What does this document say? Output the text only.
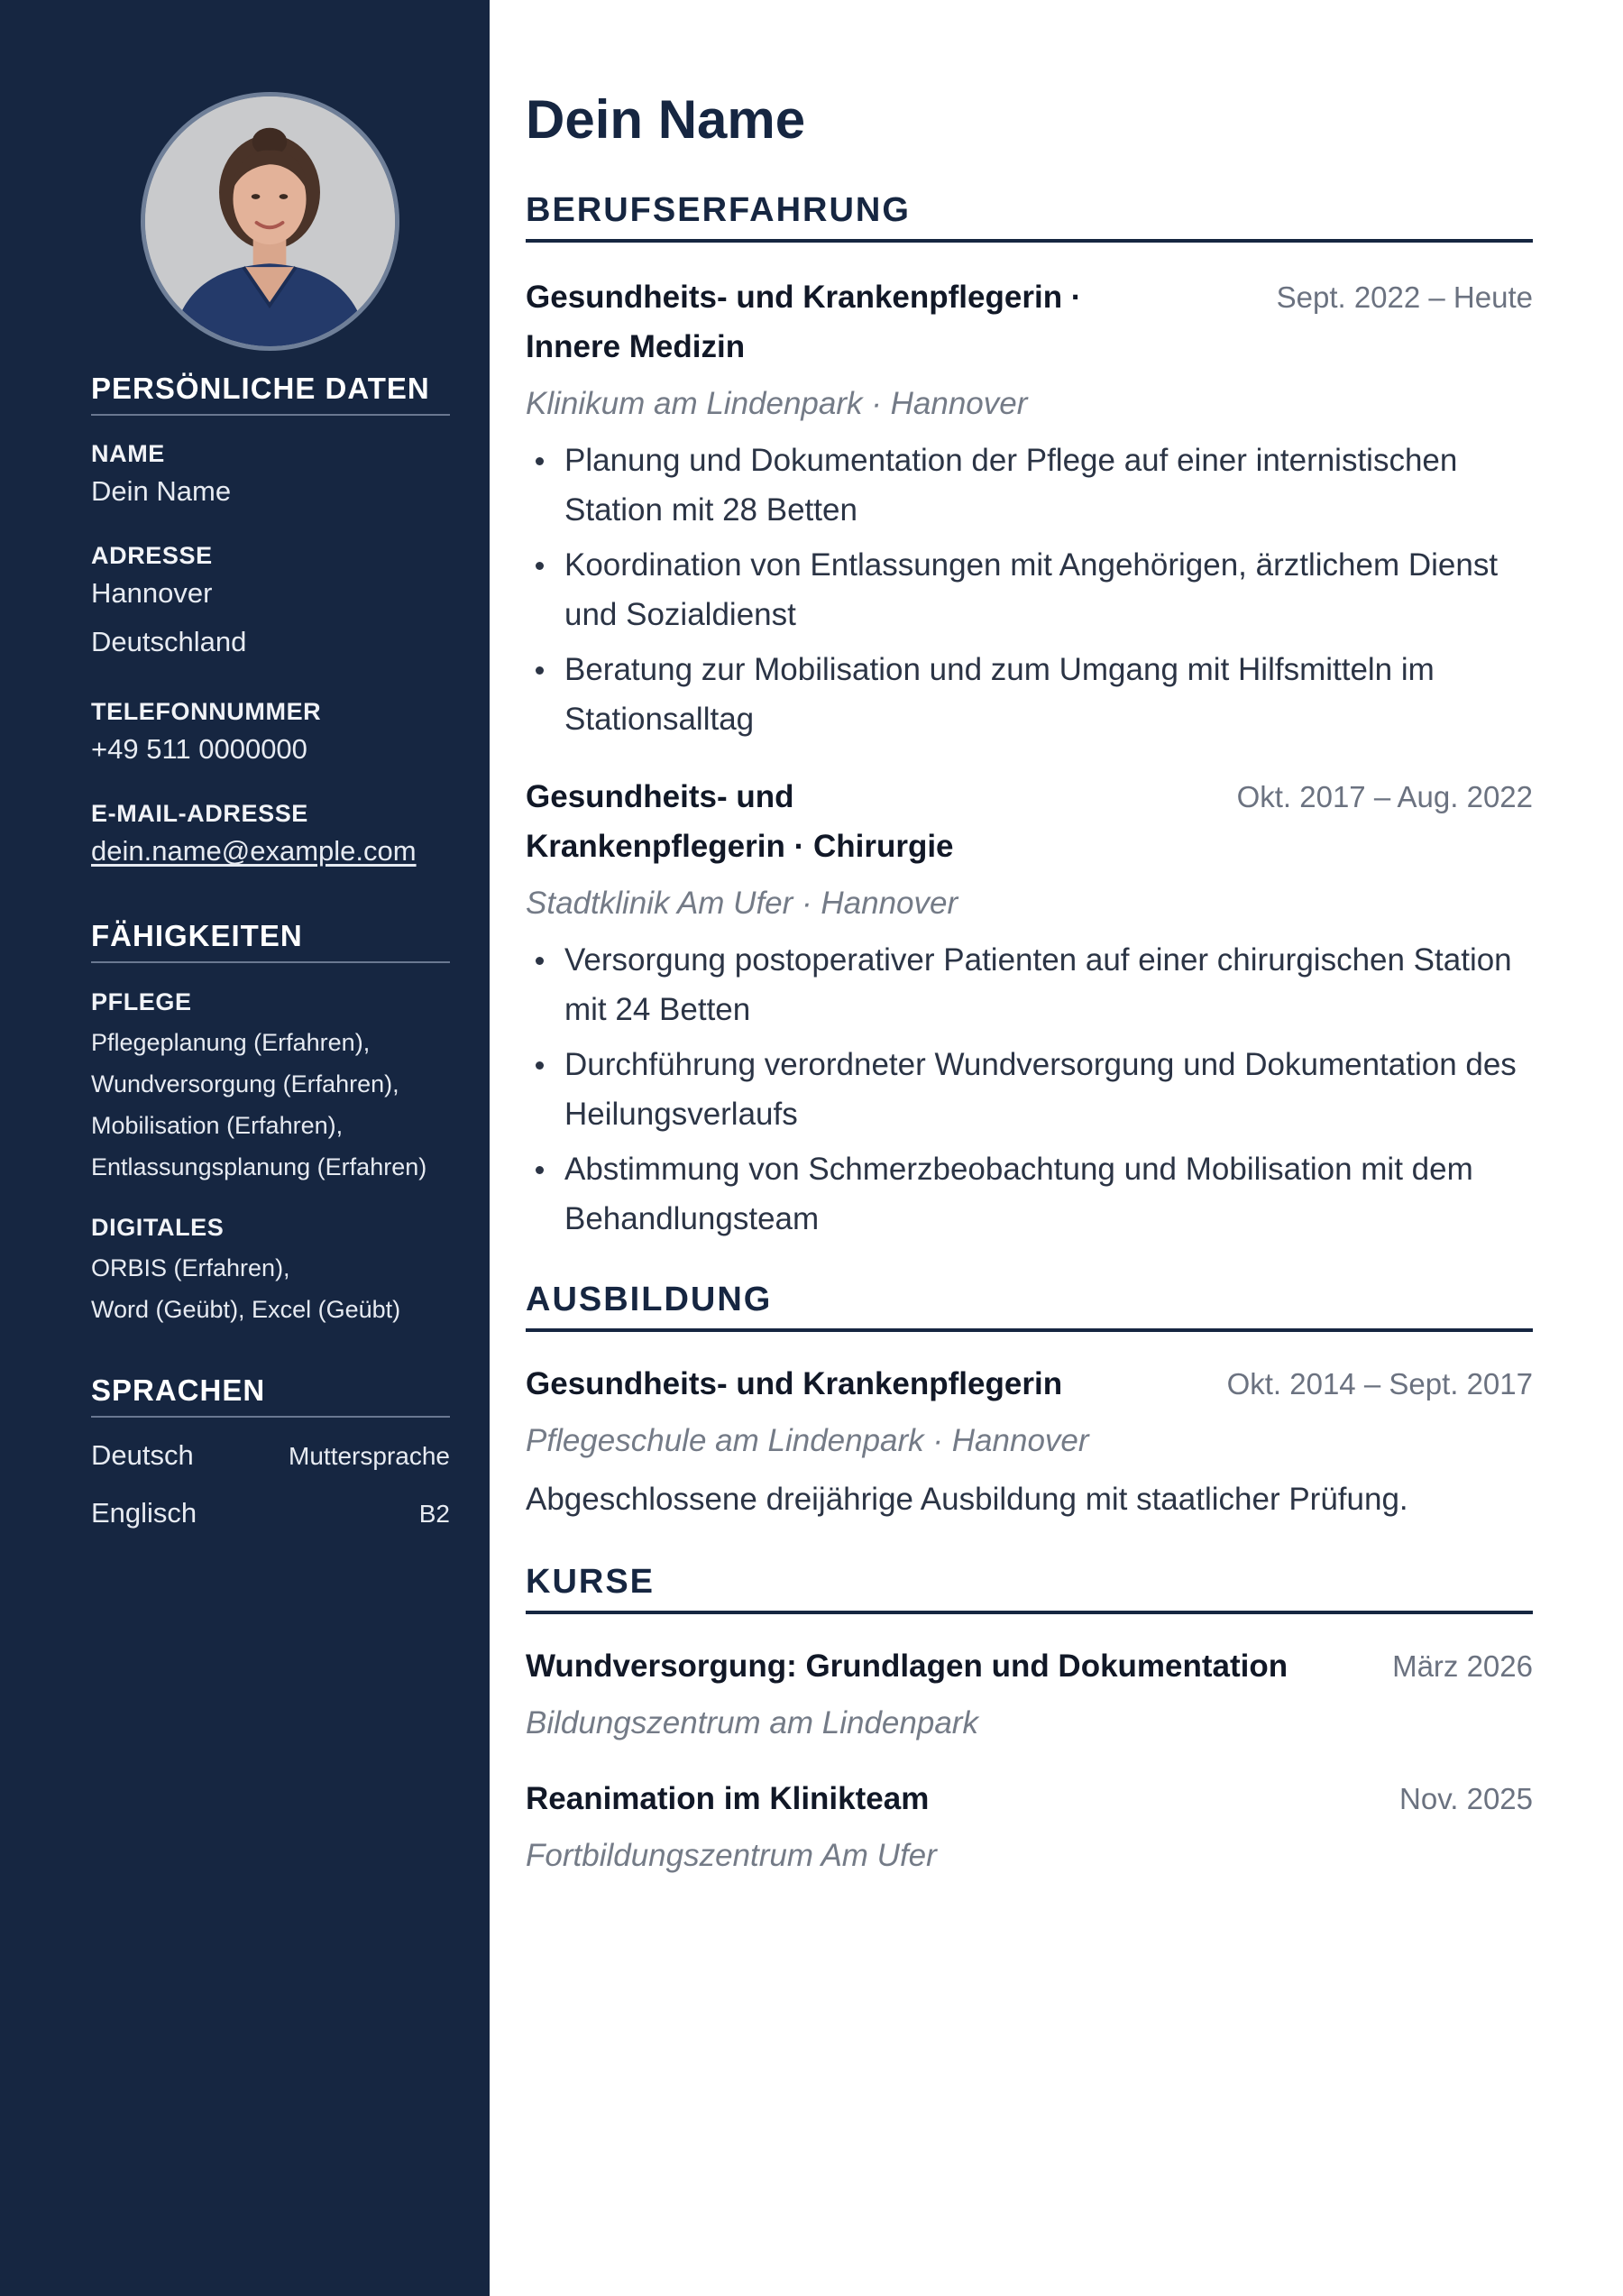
PERSÖNLICHE DATEN
NAME
Dein Name
ADRESSE
Hannover
Deutschland
TELEFONNUMMER
+49 511 0000000
E-MAIL-ADRESSE
dein.name@example.com
FÄHIGKEITEN
PFLEGE
Pflegeplanung (Erfahren),
Wundversorgung (Erfahren),
Mobilisation (Erfahren),
Entlassungsplanung (Erfahren)
DIGITALES
ORBIS (Erfahren),
Word (Geübt), Excel (Geübt)
SPRACHEN
Deutsch	Muttersprache
Englisch	B2
Dein Name
BERUFSERFAHRUNG
Gesundheits- und Krankenpflegerin ·
Innere Medizin
Sept. 2022 – Heute
Klinikum am Lindenpark · Hannover
Planung und Dokumentation der Pflege auf einer internistischen Station mit 28 Betten
Koordination von Entlassungen mit Angehörigen, ärztlichem Dienst und Sozialdienst
Beratung zur Mobilisation und zum Umgang mit Hilfsmitteln im Stationsalltag
Gesundheits- und
Krankenpflegerin · Chirurgie
Okt. 2017 – Aug. 2022
Stadtklinik Am Ufer · Hannover
Versorgung postoperativer Patienten auf einer chirurgischen Station mit 24 Betten
Durchführung verordneter Wundversorgung und Dokumentation des Heilungsverlaufs
Abstimmung von Schmerzbeobachtung und Mobilisation mit dem Behandlungsteam
AUSBILDUNG
Gesundheits- und Krankenpflegerin	Okt. 2014 – Sept. 2017
Pflegeschule am Lindenpark · Hannover
Abgeschlossene dreijährige Ausbildung mit staatlicher Prüfung.
KURSE
Wundversorgung: Grundlagen und Dokumentation	März 2026
Bildungszentrum am Lindenpark
Reanimation im Klinikteam	Nov. 2025
Fortbildungszentrum Am Ufer
